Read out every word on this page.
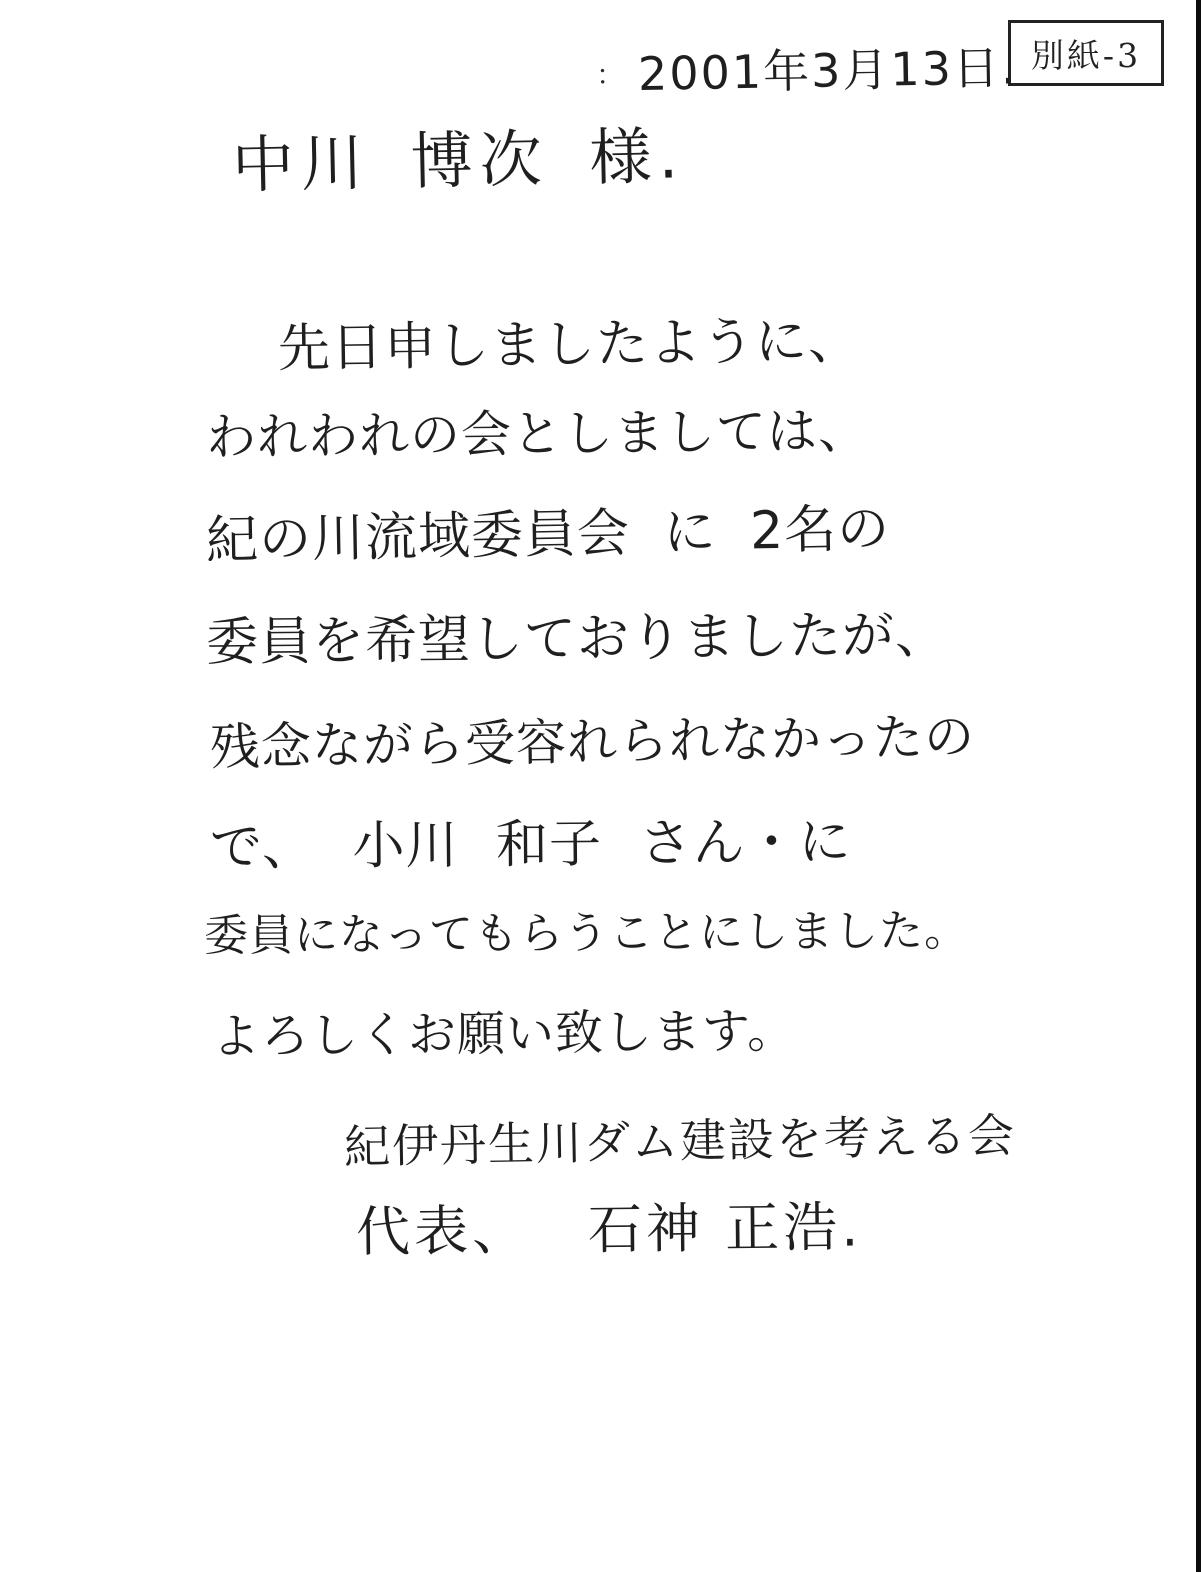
別紙-3
： 2001年3月13日.
中川 博次 様.
先日申しましたように、
われわれの会としましては、
紀の川流域委員会 に 2名の
委員を希望しておりましたが、
残念ながら受容れられなかったの
で、 小川 和子 さん・に
委員になってもらうことにしました。
よろしくお願い致します。
紀伊丹生川ダム建設を考える会
代表、 石神 正浩.
